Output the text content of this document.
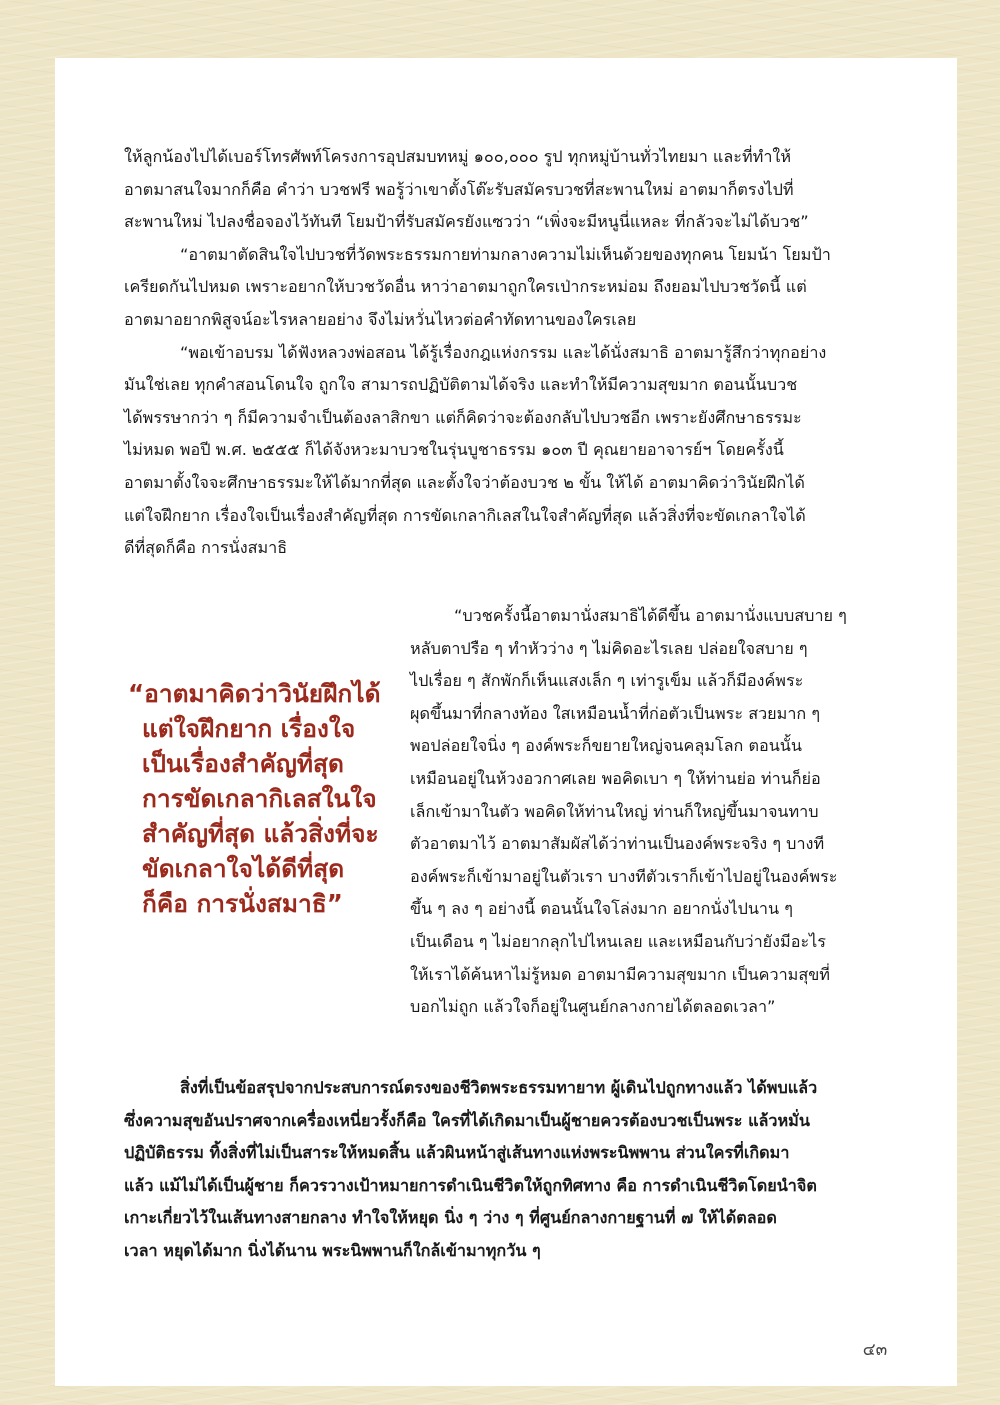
ให้ลูกน้องไปได้เบอร์โทรศัพท์โครงการอุปสมบทหมู่ ๑๐๐,๐๐๐ รูป ทุกหมู่บ้านทั่วไทยมา และที่ทำให้

อาตมาสนใจมากก็คือ คำว่า บวชฟรี พอรู้ว่าเขาตั้งโต๊ะรับสมัครบวชที่สะพานใหม่ อาตมาก็ตรงไปที่

สะพานใหม่ ไปลงชื่อจองไว้ทันที โยมป้าที่รับสมัครยังแซวว่า “เพิ่งจะมีหนูนี่แหละ ที่กลัวจะไม่ได้บวช”

“อาตมาตัดสินใจไปบวชที่วัดพระธรรมกายท่ามกลางความไม่เห็นด้วยของทุกคน โยมน้า โยมป้า

เครียดกันไปหมด เพราะอยากให้บวชวัดอื่น หาว่าอาตมาถูกใครเป่ากระหม่อม ถึงยอมไปบวชวัดนี้ แต่

อาตมาอยากพิสูจน์อะไรหลายอย่าง จึงไม่หวั่นไหวต่อคำทัดทานของใครเลย

“พอเข้าอบรม ได้ฟังหลวงพ่อสอน ได้รู้เรื่องกฎแห่งกรรม และได้นั่งสมาธิ อาตมารู้สึกว่าทุกอย่าง

มันใช่เลย ทุกคำสอนโดนใจ ถูกใจ สามารถปฏิบัติตามได้จริง และทำให้มีความสุขมาก ตอนนั้นบวช

ได้พรรษากว่า ๆ ก็มีความจำเป็นต้องลาสิกขา แต่ก็คิดว่าจะต้องกลับไปบวชอีก เพราะยังศึกษาธรรมะ

ไม่หมด พอปี พ.ศ. ๒๕๕๕ ก็ได้จังหวะมาบวชในรุ่นบูชาธรรม ๑๐๓ ปี คุณยายอาจารย์ฯ โดยครั้งนี้

อาตมาตั้งใจจะศึกษาธรรมะให้ได้มากที่สุด และตั้งใจว่าต้องบวช ๒ ขั้น ให้ได้ อาตมาคิดว่าวินัยฝึกได้

แต่ใจฝึกยาก เรื่องใจเป็นเรื่องสำคัญที่สุด การขัดเกลากิเลสในใจสำคัญที่สุด แล้วสิ่งที่จะขัดเกลาใจได้

ดีที่สุดก็คือ การนั่งสมาธิ

“อาตมาคิดว่าวินัยฝึกได้

แต่ใจฝึกยาก เรื่องใจ

เป็นเรื่องสำคัญที่สุด

การขัดเกลากิเลสในใจ

สำคัญที่สุด แล้วสิ่งที่จะ

ขัดเกลาใจได้ดีที่สุด

ก็คือ การนั่งสมาธิ”

“บวชครั้งนี้อาตมานั่งสมาธิได้ดีขึ้น อาตมานั่งแบบสบาย ๆ

หลับตาปรือ ๆ ทำหัวว่าง ๆ ไม่คิดอะไรเลย ปล่อยใจสบาย ๆ

ไปเรื่อย ๆ สักพักก็เห็นแสงเล็ก ๆ เท่ารูเข็ม แล้วก็มีองค์พระ

ผุดขึ้นมาที่กลางท้อง ใสเหมือนน้ำที่ก่อตัวเป็นพระ สวยมาก ๆ

พอปล่อยใจนิ่ง ๆ องค์พระก็ขยายใหญ่จนคลุมโลก ตอนนั้น

เหมือนอยู่ในห้วงอวกาศเลย พอคิดเบา ๆ ให้ท่านย่อ ท่านก็ย่อ

เล็กเข้ามาในตัว พอคิดให้ท่านใหญ่ ท่านก็ใหญ่ขึ้นมาจนทาบ

ตัวอาตมาไว้ อาตมาสัมผัสได้ว่าท่านเป็นองค์พระจริง ๆ บางที

องค์พระก็เข้ามาอยู่ในตัวเรา บางทีตัวเราก็เข้าไปอยู่ในองค์พระ

ขึ้น ๆ ลง ๆ อย่างนี้ ตอนนั้นใจโล่งมาก อยากนั่งไปนาน ๆ

เป็นเดือน ๆ ไม่อยากลุกไปไหนเลย และเหมือนกับว่ายังมีอะไร

ให้เราได้ค้นหาไม่รู้หมด อาตมามีความสุขมาก เป็นความสุขที่

บอกไม่ถูก แล้วใจก็อยู่ในศูนย์กลางกายได้ตลอดเวลา”

สิ่งที่เป็นข้อสรุปจากประสบการณ์ตรงของชีวิตพระธรรมทายาท ผู้เดินไปถูกทางแล้ว ได้พบแล้ว

ซึ่งความสุขอันปราศจากเครื่องเหนี่ยวรั้งก็คือ ใครที่ได้เกิดมาเป็นผู้ชายควรต้องบวชเป็นพระ แล้วหมั่น

ปฏิบัติธรรม ทิ้งสิ่งที่ไม่เป็นสาระให้หมดสิ้น แล้วผินหน้าสู่เส้นทางแห่งพระนิพพาน ส่วนใครที่เกิดมา

แล้ว แม้ไม่ได้เป็นผู้ชาย ก็ควรวางเป้าหมายการดำเนินชีวิตให้ถูกทิศทาง คือ การดำเนินชีวิตโดยนำจิต

เกาะเกี่ยวไว้ในเส้นทางสายกลาง ทำใจให้หยุด นิ่ง ๆ ว่าง ๆ ที่ศูนย์กลางกายฐานที่ ๗ ให้ได้ตลอด

เวลา หยุดได้มาก นิ่งได้นาน พระนิพพานก็ใกล้เข้ามาทุกวัน ๆ

๔๓
